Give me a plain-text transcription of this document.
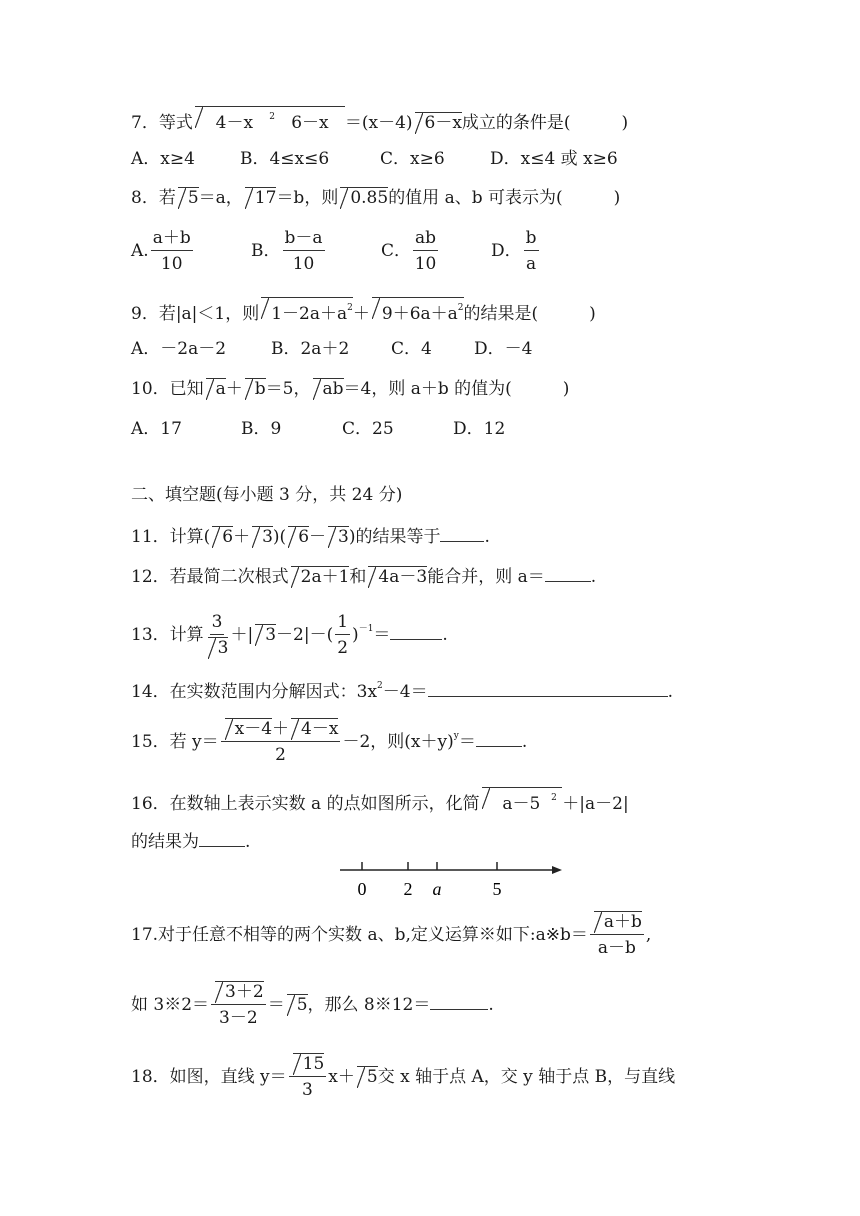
7．等式 4－x $^2$ 6－x ＝(x－4) 6－x成立的条件是(　　　)
A．x≥4	B．4≤x≤6	C．x≥6	D．x≤4 或 x≥6
8．若 5＝a， 17＝b，则 0.85的值用 a、b 可表示为(　　　)
A. $\frac{a+b}{10}$	B． $\frac{b-a}{10}$	C． $\frac{ab}{10}$	D． $\frac{b}{a}$
9．若|a|＜1，则 $1-2a+a^2+ 9+6a+a^2$的结果是(　　　)
A．－2a－2	B．2a＋2 C．4 D．－4
10．已知 a＋ b＝5， ab＝4，则 a＋b 的值为(　　　)
A．17	B．9	C．25	D．12
二、填空题(每小题 3 分，共 24 分)
11．计算( 6＋ 3)( 6－ 3)的结果等于	.
12．若最简二次根式 2a＋1和 4a－3能合并，则 a＝	.
13．计算 $\frac{3}{3}$ ＋| $3-2|-( \frac{1}{2} )^{-1}=$	.
14．在实数范围内分解因式：$3x^2-4=$	.
15．若 $y= \frac{x-4+ 4-x}{2} -2$，则$(x+y)^y=$	.
16．在数轴上表示实数 a 的点如图所示，化简 a－5 $^2$ ＋|a－2|
的结果为	.
0 2 a	5
17.对于任意不相等的两个实数 a、b,定义运算※如下:a※b＝ $\frac{a+b}{a-b}$ ,
如 3※2＝ $\frac{3+2}{3-2} = 5$，那么 8※12＝	.
18．如图，直线 $y= \frac{15}{3} x+ 5$交 x 轴于点 A，交 y 轴于点 B，与直线
